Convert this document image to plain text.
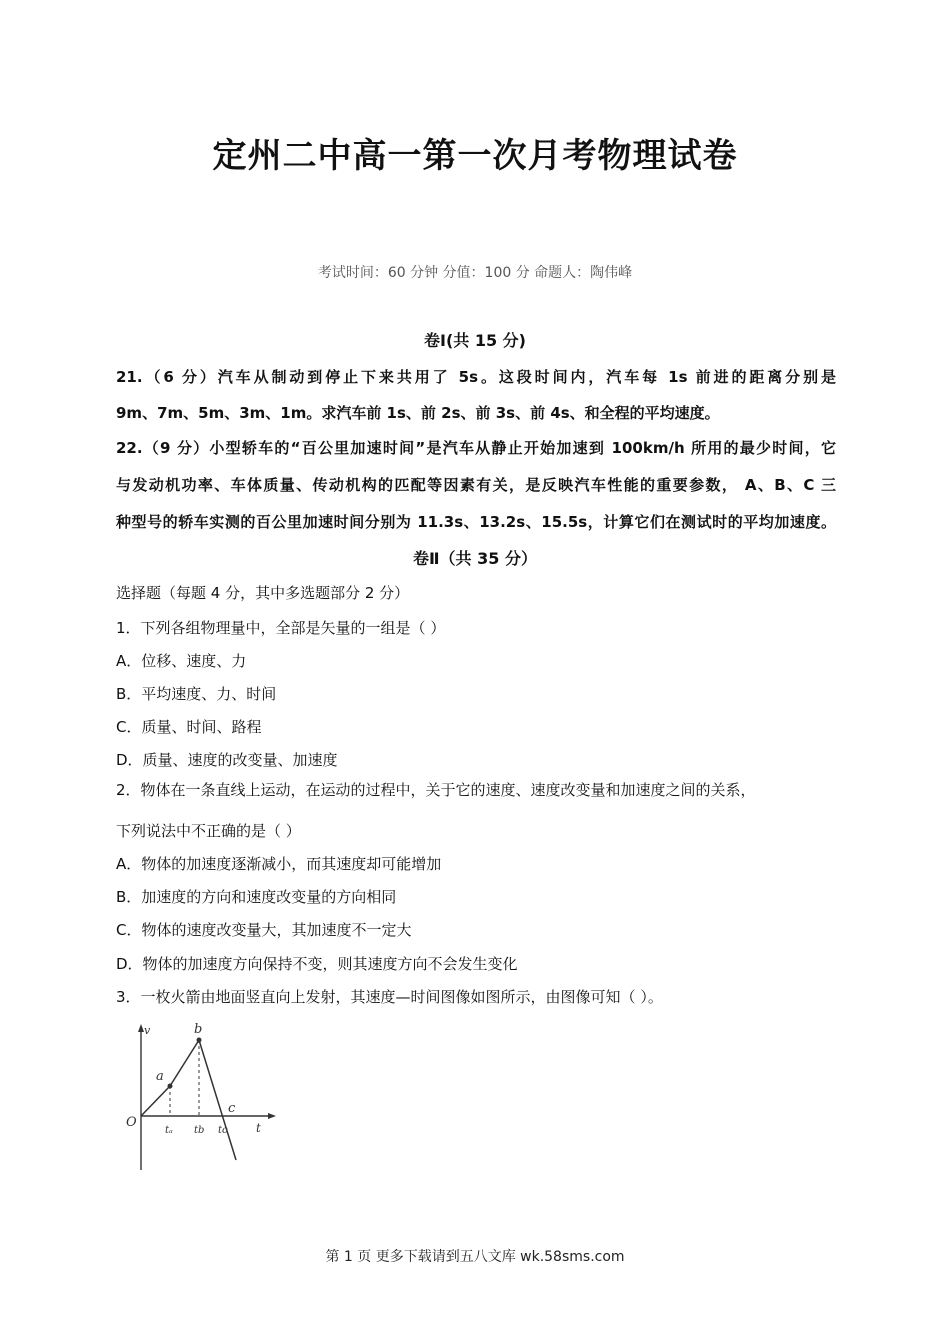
定州二中高一第一次月考物理试卷
考试时间：60 分钟 分值：100 分 命题人：陶伟峰
卷Ⅰ(共 15 分)
21.（6 分）汽车从制动到停止下来共用了 5s。这段时间内，汽车每 1s 前进的距离分别是
9m、7m、5m、3m、1m。求汽车前 1s、前 2s、前 3s、前 4s、和全程的平均速度。
22.（9 分）小型轿车的“百公里加速时间”是汽车从静止开始加速到 100km/h 所用的最少时间，它
与发动机功率、车体质量、传动机构的匹配等因素有关，是反映汽车性能的重要参数， A、B、C 三
种型号的轿车实测的百公里加速时间分别为 11.3s、13.2s、15.5s，计算它们在测试时的平均加速度。
卷Ⅱ（共 35 分）
选择题（每题 4 分，其中多选题部分 2 分）
1．下列各组物理量中，全部是矢量的一组是（ ）
A．位移、速度、力
B．平均速度、力、时间
C．质量、时间、路程
D．质量、速度的改变量、加速度
2．物体在一条直线上运动，在运动的过程中，关于它的速度、速度改变量和加速度之间的关系，
下列说法中不正确的是（ ）
A．物体的加速度逐渐减小，而其速度却可能增加
B．加速度的方向和速度改变量的方向相同
C．物体的速度改变量大，其加速度不一定大
D．物体的加速度方向保持不变，则其速度方向不会发生变化
3．一枚火箭由地面竖直向上发射，其速度—时间图像如图所示，由图像可知（ ）。
v
t
O
a
b
c
tₐ tb tc
第 1 页 更多下载请到五八文库 wk.58sms.com
